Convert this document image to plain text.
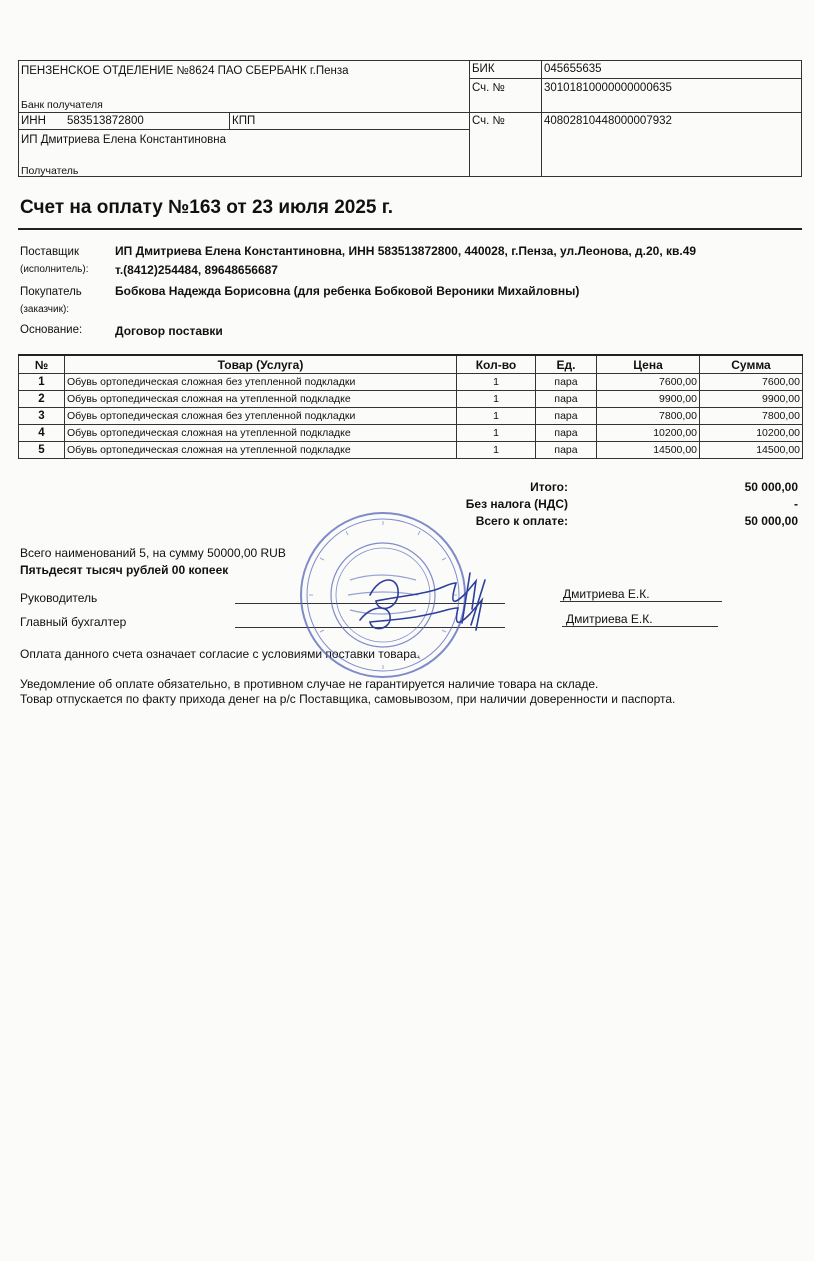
ПЕНЗЕНСКОЕ ОТДЕЛЕНИЕ №8624 ПАО СБЕРБАНК г.Пенза
Банк получателя
БИК	045655635
Сч. №	30101810000000000635
ИНН 583513872800	КПП	Сч. №	40802810448000007932
ИП Дмитриева Елена Константиновна
Получатель
Счет на оплату №163 от 23 июля 2025 г.
Поставщик
(исполнитель):
ИП Дмитриева Елена Константиновна, ИНН 583513872800, 440028, г.Пенза, ул.Леонова, д.20, кв.49
т.(8412)254484, 89648656687
Покупатель
(заказчик):
Бобкова Надежда Борисовна (для ребенка Бобковой Вероники Михайловны)
Основание:	Договор поставки
№	Товар (Услуга)	Кол-во	Ед.	Цена	Сумма
1	Обувь ортопедическая сложная без утепленной подкладки	1	пара	7600,00	7600,00
2	Обувь ортопедическая сложная на утепленной подкладке	1	пара	9900,00	9900,00
3	Обувь ортопедическая сложная без утепленной подкладки	1	пара	7800,00	7800,00
4	Обувь ортопедическая сложная на утепленной подкладке	1	пара	10200,00	10200,00
5	Обувь ортопедическая сложная на утепленной подкладке	1	пара	14500,00	14500,00
Итого:	50 000,00
Без налога (НДС)	-
Всего к оплате:	50 000,00
Всего наименований 5, на сумму 50000,00 RUB
Пятьдесят тысяч рублей 00 копеек
Руководитель	Дмитриева Е.К.
Главный бухгалтер	Дмитриева Е.К.
Оплата данного счета означает согласие с условиями поставки товара.
Уведомление об оплате обязательно, в противном случае не гарантируется наличие товара на складе.
Товар отпускается по факту прихода денег на р/с Поставщика, самовывозом, при наличии доверенности и паспорта.
